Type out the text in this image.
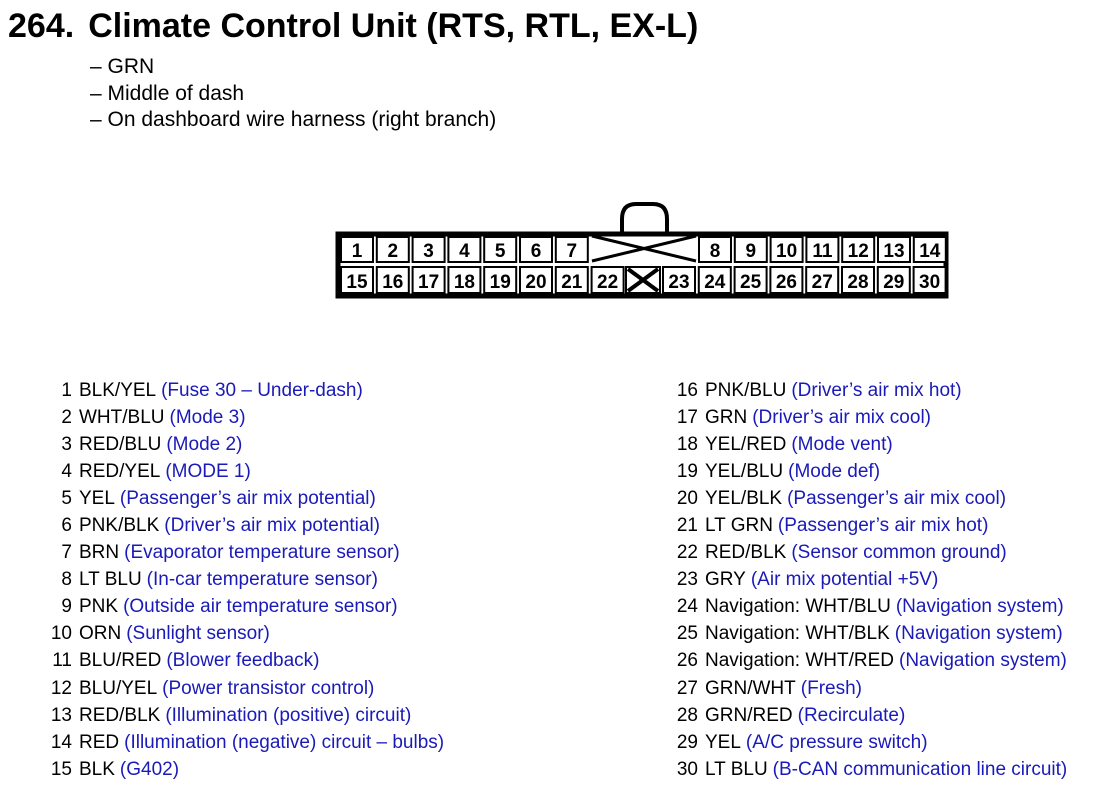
264. Climate Control Unit (RTS, RTL, EX-L)
– GRN
– Middle of dash
– On dashboard wire harness (right branch)
1 2 3 4 5 6 7	8 9 10 11 12 13 14
15 16 17 18 19 20 21 22	23 24 25 26 27 28 29 30
1 BLK/YEL (Fuse 30 – Under-dash)
2 WHT/BLU (Mode 3)
3 RED/BLU (Mode 2)
4 RED/YEL (MODE 1)
5 YEL (Passenger’s air mix potential)
6 PNK/BLK (Driver’s air mix potential)
7 BRN (Evaporator temperature sensor)
8 LT BLU (In-car temperature sensor)
9 PNK (Outside air temperature sensor)
10 ORN (Sunlight sensor)
11 BLU/RED (Blower feedback)
12 BLU/YEL (Power transistor control)
13 RED/BLK (Illumination (positive) circuit)
14 RED (Illumination (negative) circuit – bulbs)
15 BLK (G402)
16 PNK/BLU (Driver’s air mix hot)
17 GRN (Driver’s air mix cool)
18 YEL/RED (Mode vent)
19 YEL/BLU (Mode def)
20 YEL/BLK (Passenger’s air mix cool)
21 LT GRN (Passenger’s air mix hot)
22 RED/BLK (Sensor common ground)
23 GRY (Air mix potential +5V)
24 Navigation: WHT/BLU (Navigation system)
25 Navigation: WHT/BLK (Navigation system)
26 Navigation: WHT/RED (Navigation system)
27 GRN/WHT (Fresh)
28 GRN/RED (Recirculate)
29 YEL (A/C pressure switch)
30 LT BLU (B-CAN communication line circuit)
